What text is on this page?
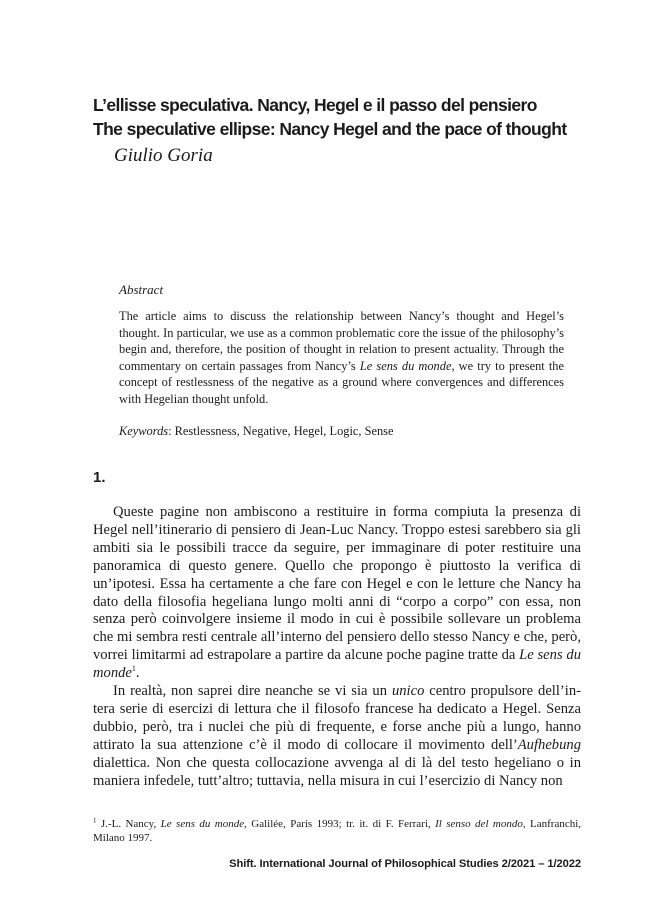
L’ellisse speculativa. Nancy, Hegel e il passo del pensiero
The speculative ellipse: Nancy Hegel and the pace of thought
Giulio Goria
Abstract
The article aims to discuss the relationship between Nancy’s thought and Hegel’s thought. In particular, we use as a common problematic core the issue of the philosophy’s begin and, therefore, the position of thought in relation to present actuality. Through the commentary on certain passages from Nancy’s Le sens du monde, we try to present the concept of restlessness of the negative as a ground where convergences and differences with Hegelian thought unfold.
Keywords: Restlessness, Negative, Hegel, Logic, Sense
1.

Queste pagine non ambiscono a restituire in forma compiuta la presenza di Hegel nell’itinerario di pensiero di Jean-Luc Nancy. Troppo estesi sarebbero sia gli ambiti sia le possibili tracce da seguire, per immaginare di poter restituire una panoramica di questo genere. Quello che propongo è piuttosto la verifica di un’ipotesi. Essa ha certamente a che fare con Hegel e con le letture che Nancy ha dato della filosofia hegeliana lungo molti anni di “corpo a corpo” con essa, non senza però coinvolgere insieme il modo in cui è possibile sollevare un problema che mi sembra resti centrale all’interno del pensiero dello stesso Nancy e che, però, vorrei limitarmi ad estrapolare a partire da alcune poche pagine tratte da Le sens du monde$^1$.

In realtà, non saprei dire neanche se vi sia un unico centro propulsore dell’intera serie di esercizi di lettura che il filosofo francese ha dedicato a Hegel. Senza dubbio, però, tra i nuclei che più di frequente, e forse anche più a lungo, hanno attirato la sua attenzione c’è il modo di collocare il movimento dell’Aufhebung dialettica. Non che questa collocazione avvenga al di là del testo hegeliano o in maniera infedele, tutt’altro; tuttavia, nella misura in cui l’esercizio di Nancy non

$^1$ J.-L. Nancy, Le sens du monde, Galilée, Paris 1993; tr. it. di F. Ferrari, Il senso del mondo, Lanfranchi, Milano 1997.
Shift. International Journal of Philosophical Studies 2/2021 – 1/2022
